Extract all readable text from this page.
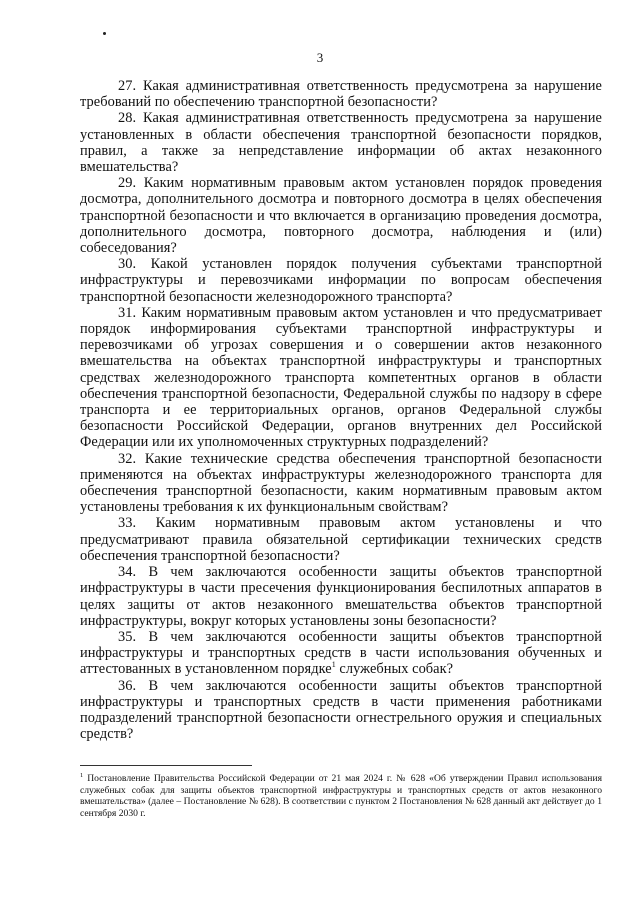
3

27. Какая административная ответственность предусмотрена за нарушение требований по обеспечению транспортной безопасности?

28. Какая административная ответственность предусмотрена за нарушение установленных в области обеспечения транспортной безопасности порядков, правил, а также за непредставление информации об актах незаконного вмешательства?

29. Каким нормативным правовым актом установлен порядок проведения досмотра, дополнительного досмотра и повторного досмотра в целях обеспечения транспортной безопасности и что включается в организацию проведения досмотра, дополнительного досмотра, повторного досмотра, наблюдения и (или) собеседования?

30. Какой установлен порядок получения субъектами транспортной инфраструктуры и перевозчиками информации по вопросам обеспечения транспортной безопасности железнодорожного транспорта?

31. Каким нормативным правовым актом установлен и что предусматривает порядок информирования субъектами транспортной инфраструктуры и перевозчиками об угрозах совершения и о совершении актов незаконного вмешательства на объектах транспортной инфраструктуры и транспортных средствах железнодорожного транспорта компетентных органов в области обеспечения транспортной безопасности, Федеральной службы по надзору в сфере транспорта и ее территориальных органов, органов Федеральной службы безопасности Российской Федерации, органов внутренних дел Российской Федерации или их уполномоченных структурных подразделений?

32. Какие технические средства обеспечения транспортной безопасности применяются на объектах инфраструктуры железнодорожного транспорта для обеспечения транспортной безопасности, каким нормативным правовым актом установлены требования к их функциональным свойствам?

33. Каким нормативным правовым актом установлены и что предусматривают правила обязательной сертификации технических средств обеспечения транспортной безопасности?

34. В чем заключаются особенности защиты объектов транспортной инфраструктуры в части пресечения функционирования беспилотных аппаратов в целях защиты от актов незаконного вмешательства объектов транспортной инфраструктуры, вокруг которых установлены зоны безопасности?

35. В чем заключаются особенности защиты объектов транспортной инфраструктуры и транспортных средств в части использования обученных и аттестованных в установленном порядке$^1$ служебных собак?

36. В чем заключаются особенности защиты объектов транспортной инфраструктуры и транспортных средств в части применения работниками подразделений транспортной безопасности огнестрельного оружия и специальных средств?

$^1$ Постановление Правительства Российской Федерации от 21 мая 2024 г. № 628 «Об утверждении Правил использования служебных собак для защиты объектов транспортной инфраструктуры и транспортных средств от актов незаконного вмешательства» (далее – Постановление № 628). В соответствии с пунктом 2 Постановления № 628 данный акт действует до 1 сентября 2030 г.
